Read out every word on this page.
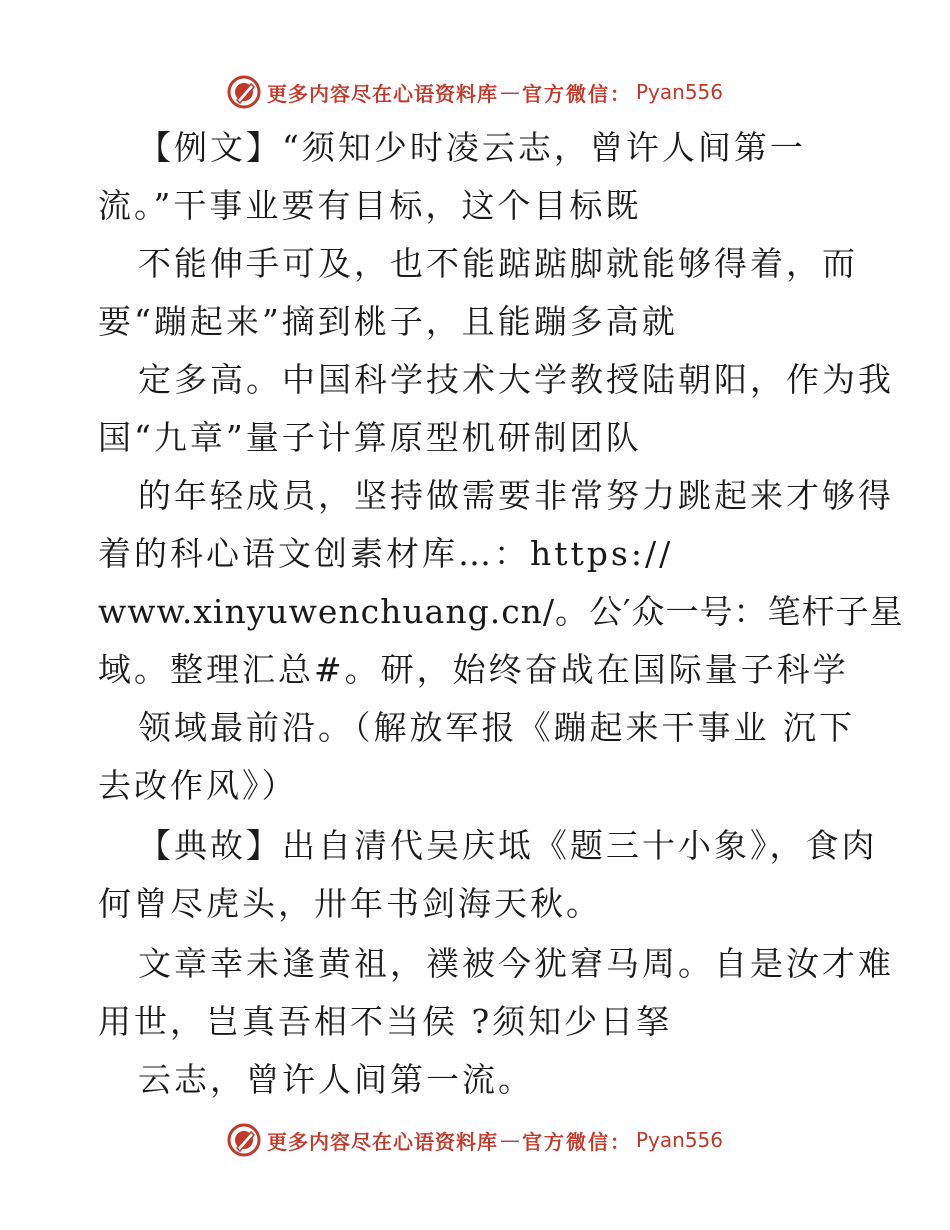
更多内容尽在心语资料库 — 官方微信： Pyan556
【例文】“须知少时凌云志，曾许人间第一
流。”干事业要有目标，这个目标既
不能伸手可及，也不能踮踮脚就能够得着，而
要“蹦起来”摘到桃子，且能蹦多高就
定多高。中国科学技术大学教授陆朝阳，作为我
国“九章”量子计算原型机研制团队
的年轻成员，坚持做需要非常努力跳起来才够得
着的科心语文创素材库…：https://
www.xinyuwenchuang.cn/。公′众一号：笔杆子星
域。整理汇总#。研，始终奋战在国际量子科学
领域最前沿。（解放军报《蹦起来干事业 沉下
去改作风》）
【典故】出自清代吴庆坻《题三十小象》，食肉
何曾尽虎头，卅年书剑海天秋。
文章幸未逢黄祖，襆被今犹窘马周。自是汝才难
用世，岂真吾相不当侯 ?须知少日拏
云志，曾许人间第一流。
更多内容尽在心语资料库 — 官方微信： Pyan556
